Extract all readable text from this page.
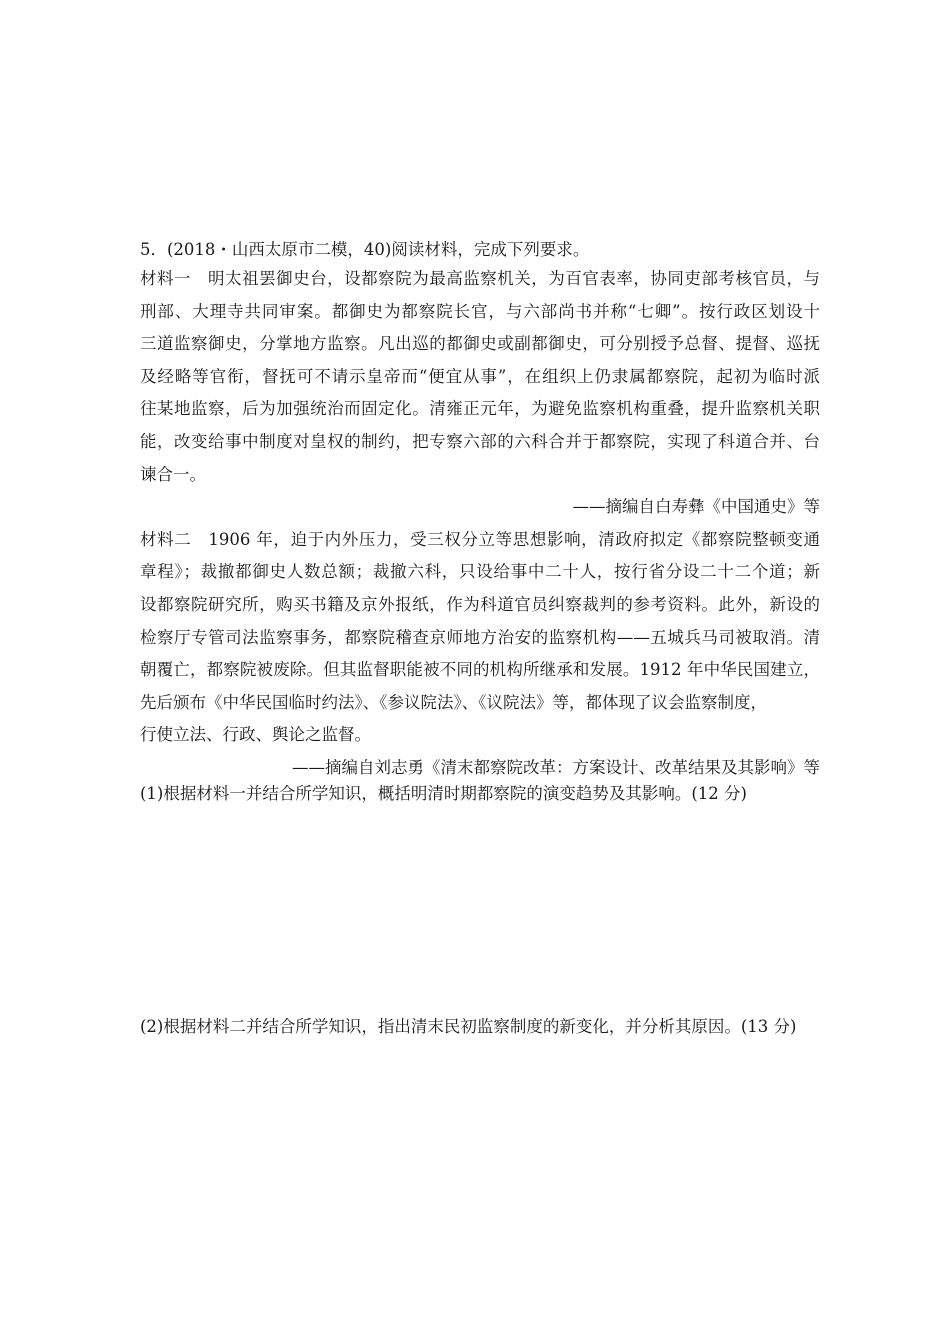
5．(2018・山西太原市二模，40)阅读材料，完成下列要求。
材料一　明太祖罢御史台，设都察院为最高监察机关，为百官表率，协同吏部考核官员，与
刑部、大理寺共同审案。都御史为都察院长官，与六部尚书并称“七卿”。按行政区划设十
三道监察御史，分掌地方监察。凡出巡的都御史或副都御史，可分别授予总督、提督、巡抚
及经略等官衔，督抚可不请示皇帝而“便宜从事”，在组织上仍隶属都察院，起初为临时派
往某地监察，后为加强统治而固定化。清雍正元年，为避免监察机构重叠，提升监察机关职
能，改变给事中制度对皇权的制约，把专察六部的六科合并于都察院，实现了科道合并、台
谏合一。
——摘编自白寿彝《中国通史》等
材料二　1906 年，迫于内外压力，受三权分立等思想影响，清政府拟定《都察院整顿变通
章程》；裁撤都御史人数总额；裁撤六科，只设给事中二十人，按行省分设二十二个道；新
设都察院研究所，购买书籍及京外报纸，作为科道官员纠察裁判的参考资料。此外，新设的
检察厅专管司法监察事务，都察院稽查京师地方治安的监察机构——五城兵马司被取消。清
朝覆亡，都察院被废除。但其监督职能被不同的机构所继承和发展。1912 年中华民国建立，
先后颁布《中华民国临时约法》、《参议院法》、《议院法》等，都体现了议会监察制度，
行使立法、行政、舆论之监督。
——摘编自刘志勇《清末都察院改革：方案设计、改革结果及其影响》等
(1)根据材料一并结合所学知识，概括明清时期都察院的演变趋势及其影响。(12 分)
(2)根据材料二并结合所学知识，指出清末民初监察制度的新变化，并分析其原因。(13 分)
